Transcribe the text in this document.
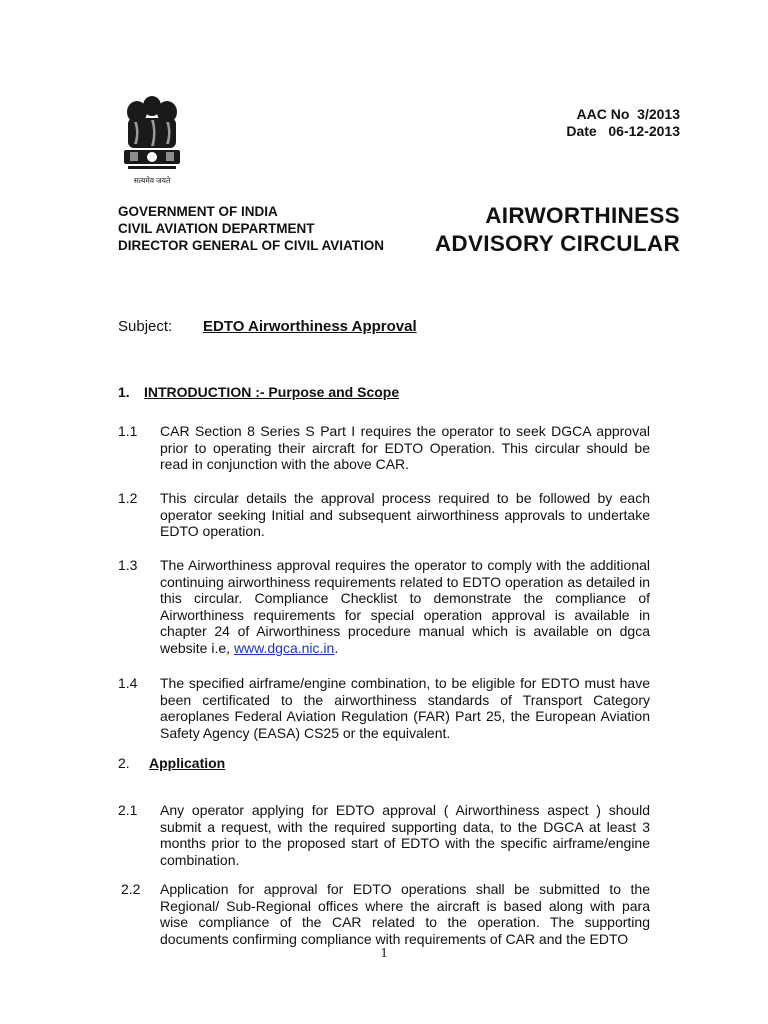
सत्यमेव जयते
AAC No  3/2013
Date   06-12-2013
GOVERNMENT OF INDIA
CIVIL AVIATION DEPARTMENT
DIRECTOR GENERAL OF CIVIL AVIATION
AIRWORTHINESS
ADVISORY CIRCULAR
Subject: EDTO Airworthiness Approval
1. INTRODUCTION :- Purpose and Scope
1.1 CAR Section 8 Series S Part I requires the operator to seek DGCA approval prior to operating their aircraft for EDTO Operation. This circular should be read in conjunction with the above CAR.
1.2 This circular details the approval process required to be followed by each operator seeking Initial and subsequent airworthiness approvals to undertake EDTO operation.
1.3 The Airworthiness approval requires the operator to comply with the additional continuing airworthiness requirements related to EDTO operation as detailed in this circular. Compliance Checklist to demonstrate the compliance of Airworthiness requirements for special operation approval is available in chapter 24 of Airworthiness procedure manual which is available on dgca website i.e, www.dgca.nic.in.
1.4 The specified airframe/engine combination, to be eligible for EDTO must have been certificated to the airworthiness standards of Transport Category aeroplanes Federal Aviation Regulation (FAR) Part 25, the European Aviation Safety Agency (EASA) CS25 or the equivalent.
2. Application
2.1 Any operator applying for EDTO approval ( Airworthiness aspect ) should submit a request, with the required supporting data, to the DGCA at least 3 months prior to the proposed start of EDTO with the specific airframe/engine combination.
2.2 Application for approval for EDTO operations shall be submitted to the Regional/ Sub-Regional offices where the aircraft is based along with para wise compliance of the CAR related to the operation. The supporting documents confirming compliance with requirements of CAR and the EDTO
1
